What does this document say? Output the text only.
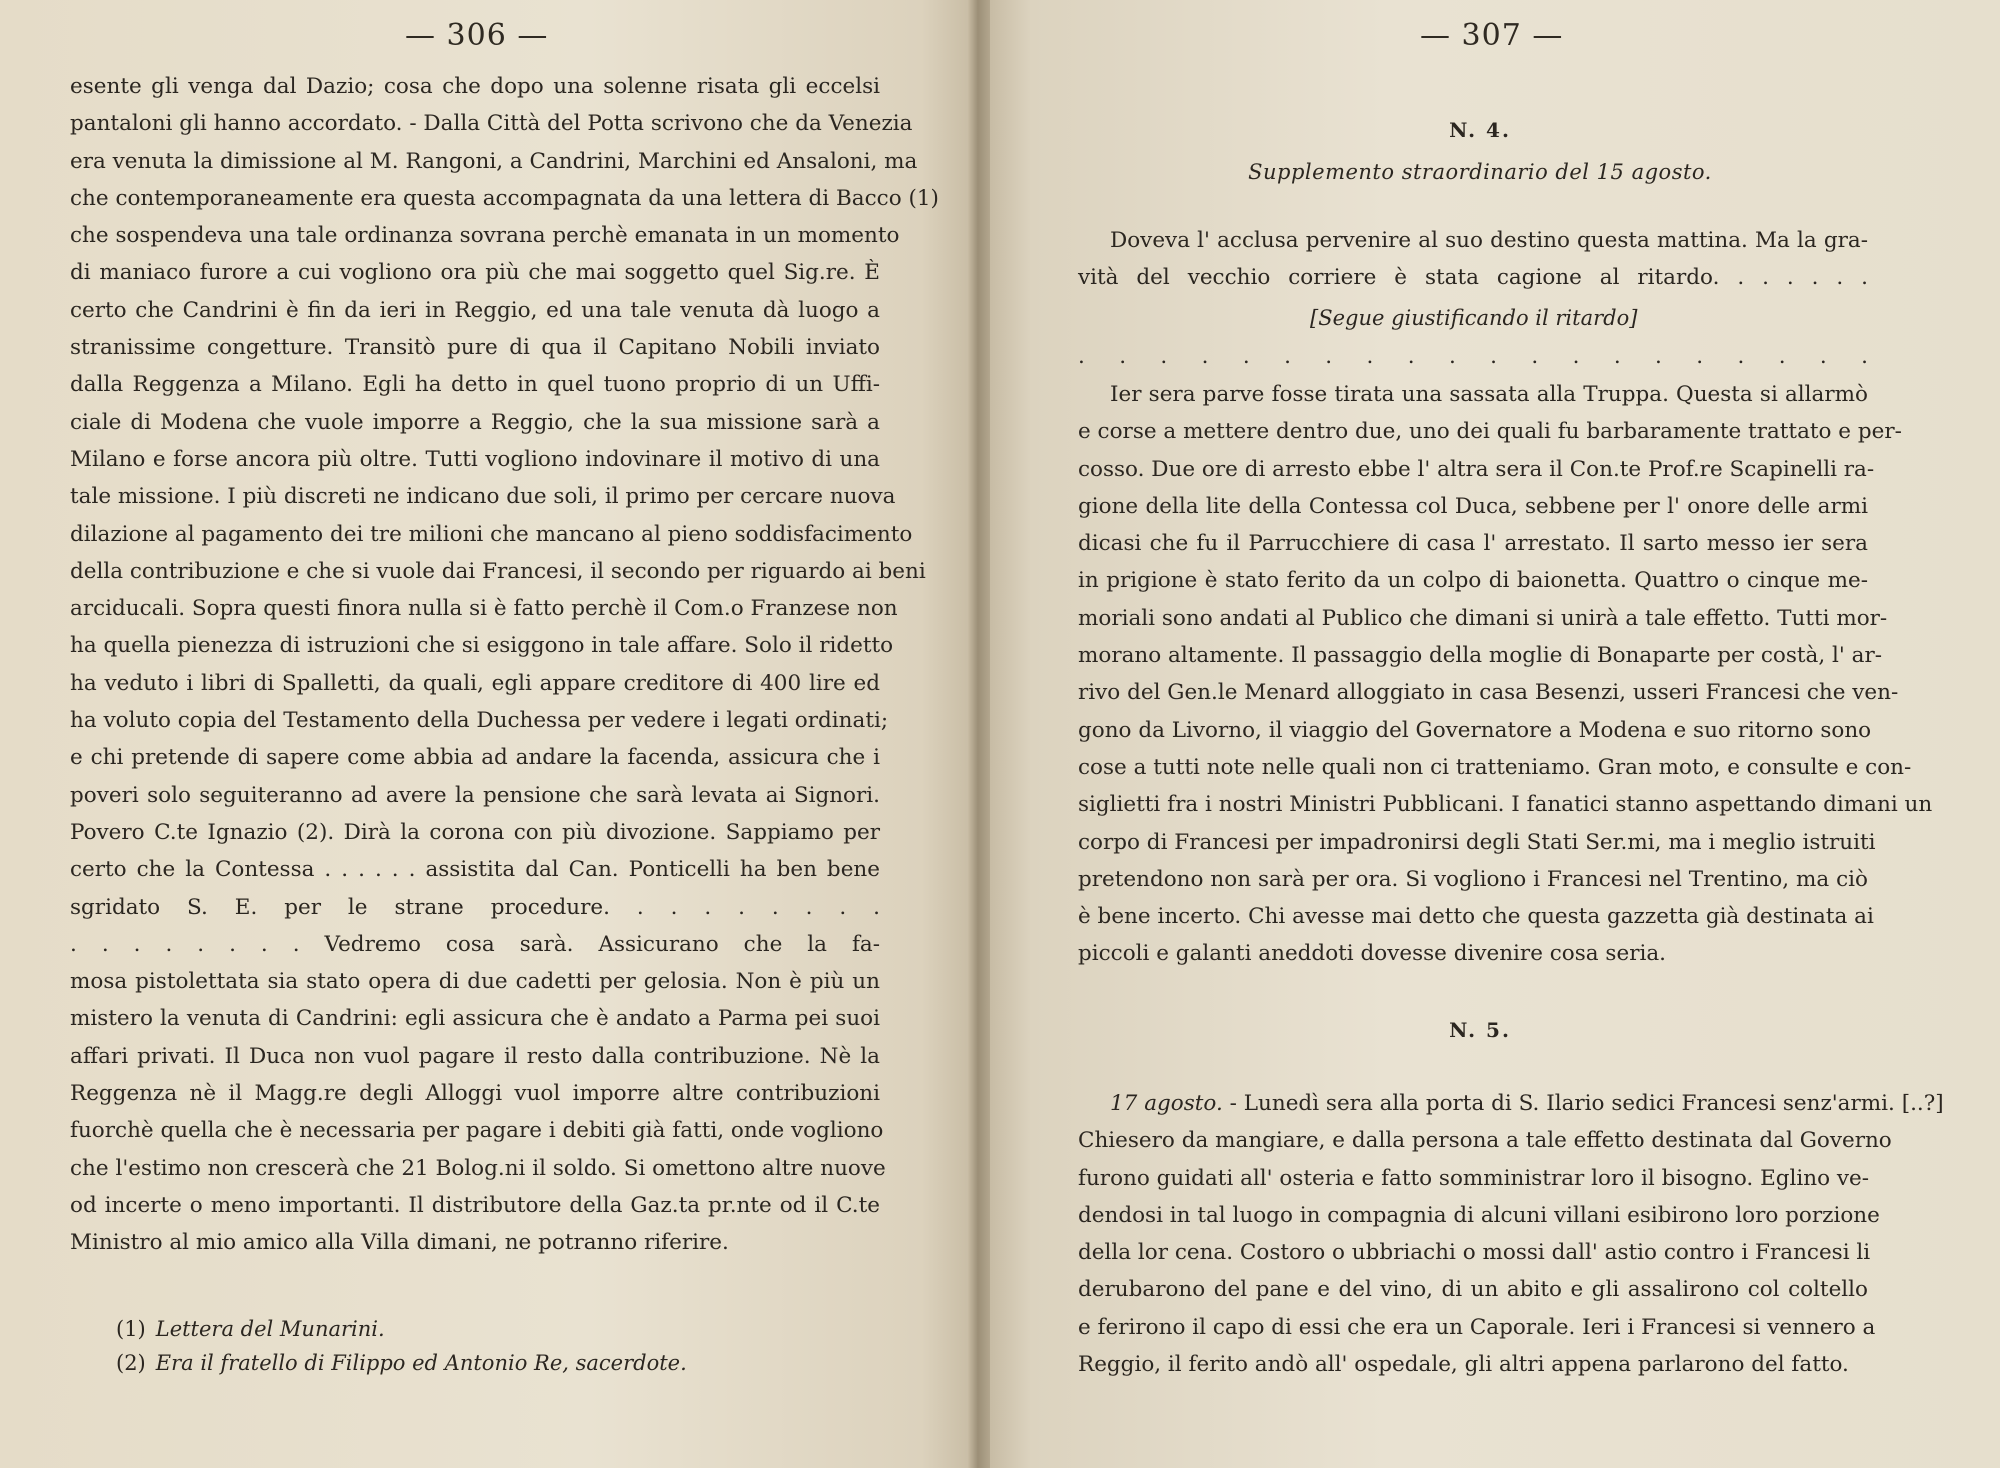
— 306 —
esente gli venga dal Dazio; cosa che dopo una solenne risata gli eccelsi
pantaloni gli hanno accordato. - Dalla Città del Potta scrivono che da Venezia
era venuta la dimissione al M. Rangoni, a Candrini, Marchini ed Ansaloni, ma
che contemporaneamente era questa accompagnata da una lettera di Bacco (1)
che sospendeva una tale ordinanza sovrana perchè emanata in un momento
di maniaco furore a cui vogliono ora più che mai soggetto quel Sig.re. È
certo che Candrini è fin da ieri in Reggio, ed una tale venuta dà luogo a
stranissime congetture. Transitò pure di qua il Capitano Nobili inviato
dalla Reggenza a Milano. Egli ha detto in quel tuono proprio di un Uffi-
ciale di Modena che vuole imporre a Reggio, che la sua missione sarà a
Milano e forse ancora più oltre. Tutti vogliono indovinare il motivo di una
tale missione. I più discreti ne indicano due soli, il primo per cercare nuova
dilazione al pagamento dei tre milioni che mancano al pieno soddisfacimento
della contribuzione e che si vuole dai Francesi, il secondo per riguardo ai beni
arciducali. Sopra questi finora nulla si è fatto perchè il Com.o Franzese non
ha quella pienezza di istruzioni che si esiggono in tale affare. Solo il ridetto
ha veduto i libri di Spalletti, da quali, egli appare creditore di 400 lire ed
ha voluto copia del Testamento della Duchessa per vedere i legati ordinati;
e chi pretende di sapere come abbia ad andare la facenda, assicura che i
poveri solo seguiteranno ad avere la pensione che sarà levata ai Signori.
Povero C.te Ignazio (2). Dirà la corona con più divozione. Sappiamo per
certo che la Contessa . . . . . . assistita dal Can. Ponticelli ha ben bene
sgridato S. E. per le strane procedure. . . . . . . . .
. . . . . . . . Vedremo cosa sarà. Assicurano che la fa-
mosa pistolettata sia stato opera di due cadetti per gelosia. Non è più un
mistero la venuta di Candrini: egli assicura che è andato a Parma pei suoi
affari privati. Il Duca non vuol pagare il resto dalla contribuzione. Nè la
Reggenza nè il Magg.re degli Alloggi vuol imporre altre contribuzioni
fuorchè quella che è necessaria per pagare i debiti già fatti, onde vogliono
che l'estimo non crescerà che 21 Bolog.ni il soldo. Si omettono altre nuove
od incerte o meno importanti. Il distributore della Gaz.ta pr.nte od il C.te
Ministro al mio amico alla Villa dimani, ne potranno riferire.
(1) Lettera del Munarini.
(2) Era il fratello di Filippo ed Antonio Re, sacerdote.
— 307 —
N. 4.
Supplemento straordinario del 15 agosto.
Doveva l' acclusa pervenire al suo destino questa mattina. Ma la gra-
vità del vecchio corriere è stata cagione al ritardo. . . . . . .
[Segue giustificando il ritardo]
. . . . . . . . . . . . . . . . . . . .
Ier sera parve fosse tirata una sassata alla Truppa. Questa si allarmò
e corse a mettere dentro due, uno dei quali fu barbaramente trattato e per-
cosso. Due ore di arresto ebbe l' altra sera il Con.te Prof.re Scapinelli ra-
gione della lite della Contessa col Duca, sebbene per l' onore delle armi
dicasi che fu il Parrucchiere di casa l' arrestato. Il sarto messo ier sera
in prigione è stato ferito da un colpo di baionetta. Quattro o cinque me-
moriali sono andati al Publico che dimani si unirà a tale effetto. Tutti mor-
morano altamente. Il passaggio della moglie di Bonaparte per costà, l' ar-
rivo del Gen.le Menard alloggiato in casa Besenzi, usseri Francesi che ven-
gono da Livorno, il viaggio del Governatore a Modena e suo ritorno sono
cose a tutti note nelle quali non ci tratteniamo. Gran moto, e consulte e con-
siglietti fra i nostri Ministri Pubblicani. I fanatici stanno aspettando dimani un
corpo di Francesi per impadronirsi degli Stati Ser.mi, ma i meglio istruiti
pretendono non sarà per ora. Si vogliono i Francesi nel Trentino, ma ciò
è bene incerto. Chi avesse mai detto che questa gazzetta già destinata ai
piccoli e galanti aneddoti dovesse divenire cosa seria.
N. 5.
17 agosto. - Lunedì sera alla porta di S. Ilario sedici Francesi senz'armi. [..?]
Chiesero da mangiare, e dalla persona a tale effetto destinata dal Governo
furono guidati all' osteria e fatto somministrar loro il bisogno. Eglino ve-
dendosi in tal luogo in compagnia di alcuni villani esibirono loro porzione
della lor cena. Costoro o ubbriachi o mossi dall' astio contro i Francesi li
derubarono del pane e del vino, di un abito e gli assalirono col coltello
e ferirono il capo di essi che era un Caporale. Ieri i Francesi si vennero a
Reggio, il ferito andò all' ospedale, gli altri appena parlarono del fatto.
